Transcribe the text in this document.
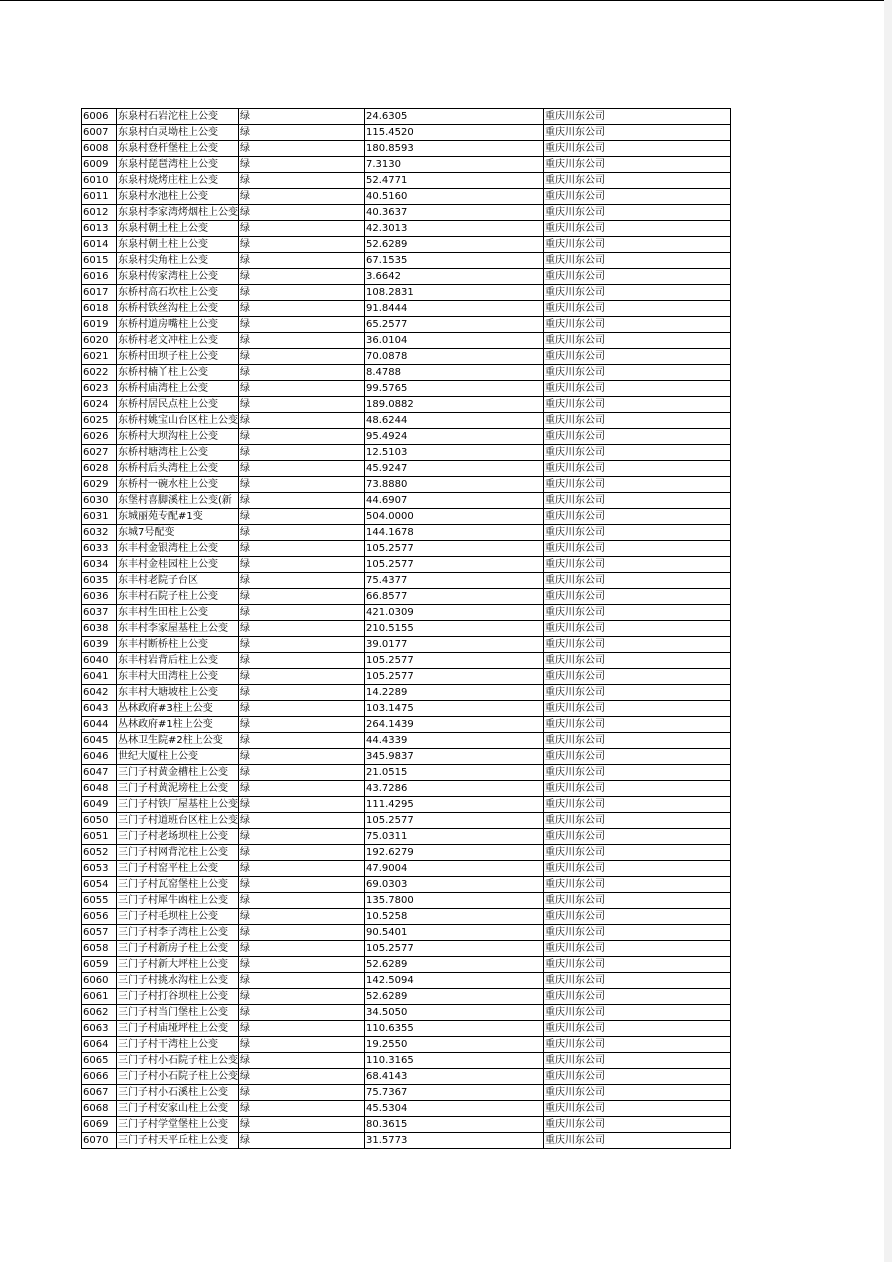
6006	东泉村石岩沱柱上公变	绿	24.6305	重庆川东公司
6007	东泉村白灵坳柱上公变	绿	115.4520	重庆川东公司
6008	东泉村登杆堡柱上公变	绿	180.8593	重庆川东公司
6009	东泉村琵琶湾柱上公变	绿	7.3130	重庆川东公司
6010	东泉村烧烤庄柱上公变	绿	52.4771	重庆川东公司
6011	东泉村水池柱上公变	绿	40.5160	重庆川东公司
6012	东泉村李家湾烤烟柱上公变	绿	40.3637	重庆川东公司
6013	东泉村朝土柱上公变	绿	42.3013	重庆川东公司
6014	东泉村朝土柱上公变	绿	52.6289	重庆川东公司
6015	东泉村尖角柱上公变	绿	67.1535	重庆川东公司
6016	东泉村传家湾柱上公变	绿	3.6642	重庆川东公司
6017	东桥村高石坎柱上公变	绿	108.2831	重庆川东公司
6018	东桥村铁丝沟柱上公变	绿	91.8444	重庆川东公司
6019	东桥村道房嘴柱上公变	绿	65.2577	重庆川东公司
6020	东桥村老文冲柱上公变	绿	36.0104	重庆川东公司
6021	东桥村田坝子柱上公变	绿	70.0878	重庆川东公司
6022	东桥村楠丫柱上公变	绿	8.4788	重庆川东公司
6023	东桥村庙湾柱上公变	绿	99.5765	重庆川东公司
6024	东桥村居民点柱上公变	绿	189.0882	重庆川东公司
6025	东桥村姚宝山台区柱上公变	绿	48.6244	重庆川东公司
6026	东桥村大坝沟柱上公变	绿	95.4924	重庆川东公司
6027	东桥村塘湾柱上公变	绿	12.5103	重庆川东公司
6028	东桥村后头湾柱上公变	绿	45.9247	重庆川东公司
6029	东桥村一碗水柱上公变	绿	73.8880	重庆川东公司
6030	东堡村喜脚溪柱上公变(新	绿	44.6907	重庆川东公司
6031	东城丽苑专配#1变	绿	504.0000	重庆川东公司
6032	东城7号配变	绿	144.1678	重庆川东公司
6033	东丰村金银湾柱上公变	绿	105.2577	重庆川东公司
6034	东丰村金桂园柱上公变	绿	105.2577	重庆川东公司
6035	东丰村老院子台区	绿	75.4377	重庆川东公司
6036	东丰村石院子柱上公变	绿	66.8577	重庆川东公司
6037	东丰村生田柱上公变	绿	421.0309	重庆川东公司
6038	东丰村李家屋基柱上公变	绿	210.5155	重庆川东公司
6039	东丰村断桥柱上公变	绿	39.0177	重庆川东公司
6040	东丰村岩背后柱上公变	绿	105.2577	重庆川东公司
6041	东丰村大田湾柱上公变	绿	105.2577	重庆川东公司
6042	东丰村大塘坡柱上公变	绿	14.2289	重庆川东公司
6043	丛林政府#3柱上公变	绿	103.1475	重庆川东公司
6044	丛林政府#1柱上公变	绿	264.1439	重庆川东公司
6045	丛林卫生院#2柱上公变	绿	44.4339	重庆川东公司
6046	世纪大厦柱上公变	绿	345.9837	重庆川东公司
6047	三门子村黄金槽柱上公变	绿	21.0515	重庆川东公司
6048	三门子村黄泥塝柱上公变	绿	43.7286	重庆川东公司
6049	三门子村铁厂屋基柱上公变	绿	111.4295	重庆川东公司
6050	三门子村道班台区柱上公变	绿	105.2577	重庆川东公司
6051	三门子村老场坝柱上公变	绿	75.0311	重庆川东公司
6052	三门子村网背沱柱上公变	绿	192.6279	重庆川东公司
6053	三门子村窑平柱上公变	绿	47.9004	重庆川东公司
6054	三门子村瓦窑堡柱上公变	绿	69.0303	重庆川东公司
6055	三门子村犀牛凼柱上公变	绿	135.7800	重庆川东公司
6056	三门子村毛坝柱上公变	绿	10.5258	重庆川东公司
6057	三门子村李子湾柱上公变	绿	90.5401	重庆川东公司
6058	三门子村新房子柱上公变	绿	105.2577	重庆川东公司
6059	三门子村新大坪柱上公变	绿	52.6289	重庆川东公司
6060	三门子村挑水沟柱上公变	绿	142.5094	重庆川东公司
6061	三门子村打谷坝柱上公变	绿	52.6289	重庆川东公司
6062	三门子村当门堡柱上公变	绿	34.5050	重庆川东公司
6063	三门子村庙垭坪柱上公变	绿	110.6355	重庆川东公司
6064	三门子村干湾柱上公变	绿	19.2550	重庆川东公司
6065	三门子村小石院子柱上公变	绿	110.3165	重庆川东公司
6066	三门子村小石院子柱上公变	绿	68.4143	重庆川东公司
6067	三门子村小石溪柱上公变	绿	75.7367	重庆川东公司
6068	三门子村安家山柱上公变	绿	45.5304	重庆川东公司
6069	三门子村学堂堡柱上公变	绿	80.3615	重庆川东公司
6070	三门子村天平丘柱上公变	绿	31.5773	重庆川东公司
